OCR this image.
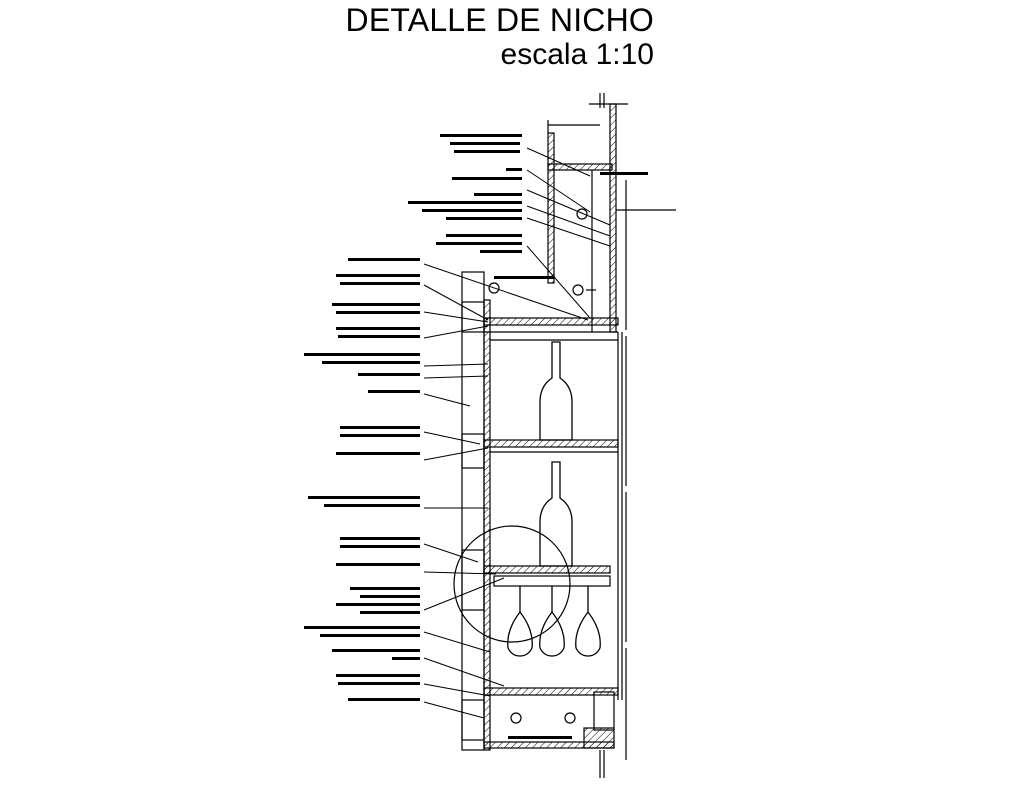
DETALLE DE NICHO
escala 1:10
